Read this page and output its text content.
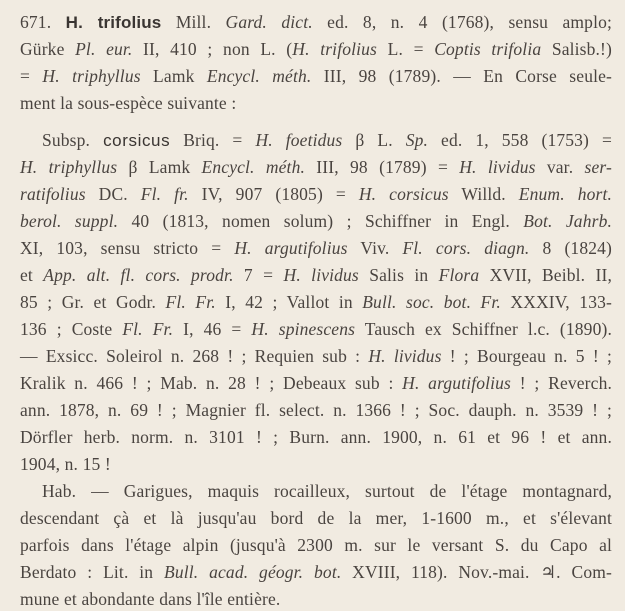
671. H. trifolius Mill. Gard. dict. ed. 8, n. 4 (1768), sensu amplo;
Gürke Pl. eur. II, 410 ; non L. (H. trifolius L. = Coptis trifolia Salisb.!)
= H. triphyllus Lamk Encycl. méth. III, 98 (1789). — En Corse seule-
ment la sous-espèce suivante :
Subsp. corsicus Briq. = H. foetidus β L. Sp. ed. 1, 558 (1753) =
H. triphyllus β Lamk Encycl. méth. III, 98 (1789) = H. lividus var. ser-
ratifolius DC. Fl. fr. IV, 907 (1805) = H. corsicus Willd. Enum. hort.
berol. suppl. 40 (1813, nomen solum) ; Schiffner in Engl. Bot. Jahrb.
XI, 103, sensu stricto = H. argutifolius Viv. Fl. cors. diagn. 8 (1824)
et App. alt. fl. cors. prodr. 7 = H. lividus Salis in Flora XVII, Beibl. II,
85 ; Gr. et Godr. Fl. Fr. I, 42 ; Vallot in Bull. soc. bot. Fr. XXXIV, 133-
136 ; Coste Fl. Fr. I, 46 = H. spinescens Tausch ex Schiffner l.c. (1890).
— Exsicc. Soleirol n. 268 ! ; Requien sub : H. lividus ! ; Bourgeau n. 5 ! ;
Kralik n. 466 ! ; Mab. n. 28 ! ; Debeaux sub : H. argutifolius ! ; Reverch.
ann. 1878, n. 69 ! ; Magnier fl. select. n. 1366 ! ; Soc. dauph. n. 3539 ! ;
Dörfler herb. norm. n. 3101 ! ; Burn. ann. 1900, n. 61 et 96 ! et ann.
1904, n. 15 !
Hab. — Garigues, maquis rocailleux, surtout de l'étage montagnard,
descendant çà et là jusqu'au bord de la mer, 1-1600 m., et s'élevant
parfois dans l'étage alpin (jusqu'à 2300 m. sur le versant S. du Capo al
Berdato : Lit. in Bull. acad. géogr. bot. XVIII, 118). Nov.-mai. ♃. Com-
mune et abondante dans l'île entière.
